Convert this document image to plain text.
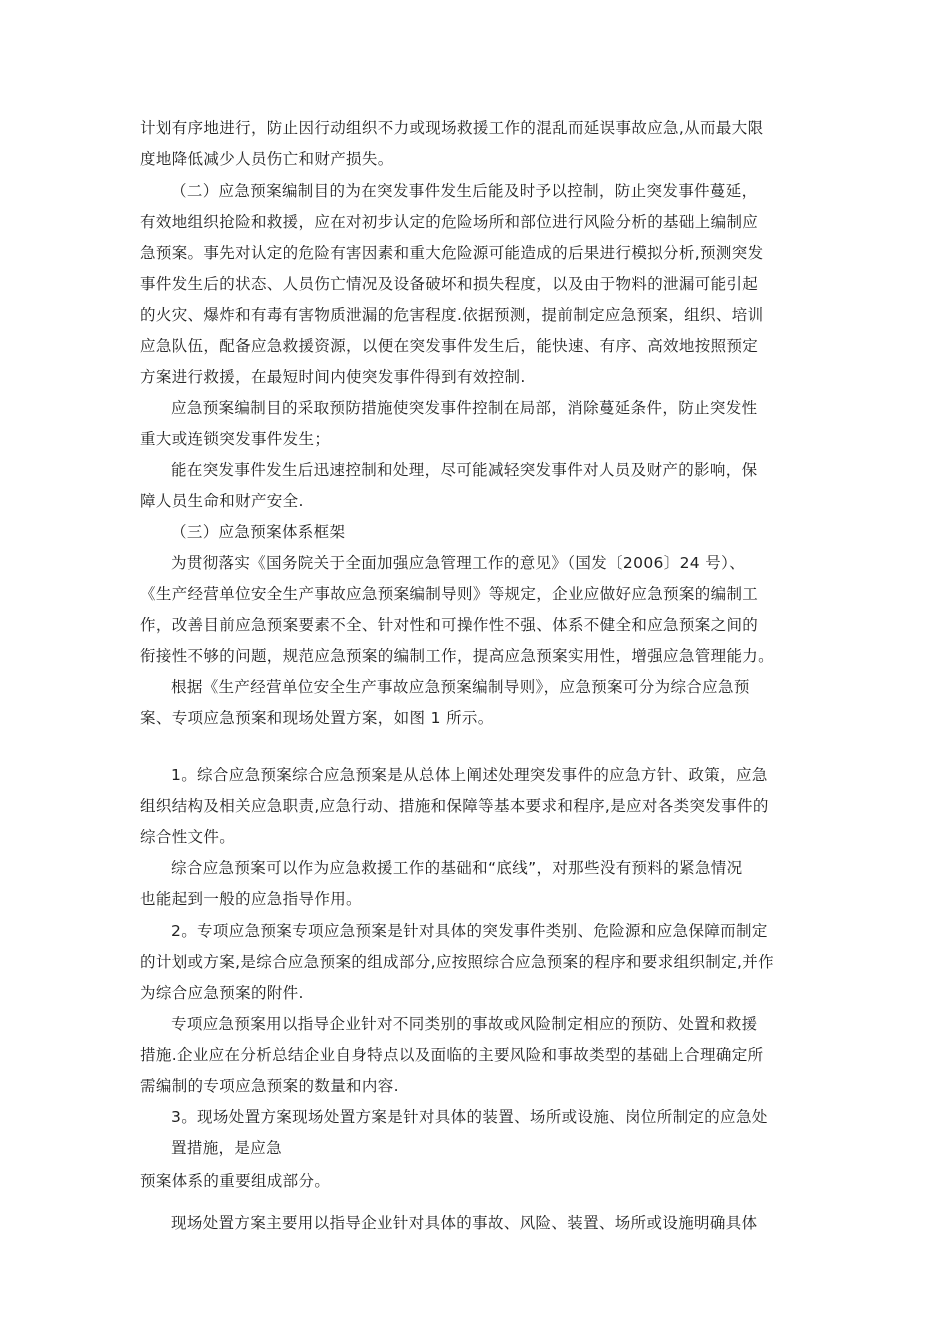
计划有序地进行，防止因行动组织不力或现场救援工作的混乱而延误事故应急,从而最大限
度地降低减少人员伤亡和财产损失。
（二）应急预案编制目的为在突发事件发生后能及时予以控制，防止突发事件蔓延，
有效地组织抢险和救援，应在对初步认定的危险场所和部位进行风险分析的基础上编制应
急预案。事先对认定的危险有害因素和重大危险源可能造成的后果进行模拟分析,预测突发
事件发生后的状态、人员伤亡情况及设备破坏和损失程度，以及由于物料的泄漏可能引起
的火灾、爆炸和有毒有害物质泄漏的危害程度.依据预测，提前制定应急预案，组织、培训
应急队伍，配备应急救援资源，以便在突发事件发生后，能快速、有序、高效地按照预定
方案进行救援，在最短时间内使突发事件得到有效控制.
应急预案编制目的采取预防措施使突发事件控制在局部，消除蔓延条件，防止突发性
重大或连锁突发事件发生；
能在突发事件发生后迅速控制和处理，尽可能减轻突发事件对人员及财产的影响，保
障人员生命和财产安全.
（三）应急预案体系框架
为贯彻落实《国务院关于全面加强应急管理工作的意见》（国发〔2006〕24 号）、
《生产经营单位安全生产事故应急预案编制导则》等规定，企业应做好应急预案的编制工
作，改善目前应急预案要素不全、针对性和可操作性不强、体系不健全和应急预案之间的
衔接性不够的问题，规范应急预案的编制工作，提高应急预案实用性，增强应急管理能力。
根据《生产经营单位安全生产事故应急预案编制导则》，应急预案可分为综合应急预
案、专项应急预案和现场处置方案，如图 1 所示。
1。综合应急预案综合应急预案是从总体上阐述处理突发事件的应急方针、政策，应急
组织结构及相关应急职责,应急行动、措施和保障等基本要求和程序,是应对各类突发事件的
综合性文件。
综合应急预案可以作为应急救援工作的基础和“底线”，对那些没有预料的紧急情况
也能起到一般的应急指导作用。
2。专项应急预案专项应急预案是针对具体的突发事件类别、危险源和应急保障而制定
的计划或方案,是综合应急预案的组成部分,应按照综合应急预案的程序和要求组织制定,并作
为综合应急预案的附件.
专项应急预案用以指导企业针对不同类别的事故或风险制定相应的预防、处置和救援
措施.企业应在分析总结企业自身特点以及面临的主要风险和事故类型的基础上合理确定所
需编制的专项应急预案的数量和内容.
3。现场处置方案现场处置方案是针对具体的装置、场所或设施、岗位所制定的应急处
置措施，是应急
预案体系的重要组成部分。
现场处置方案主要用以指导企业针对具体的事故、风险、装置、场所或设施明确具体
